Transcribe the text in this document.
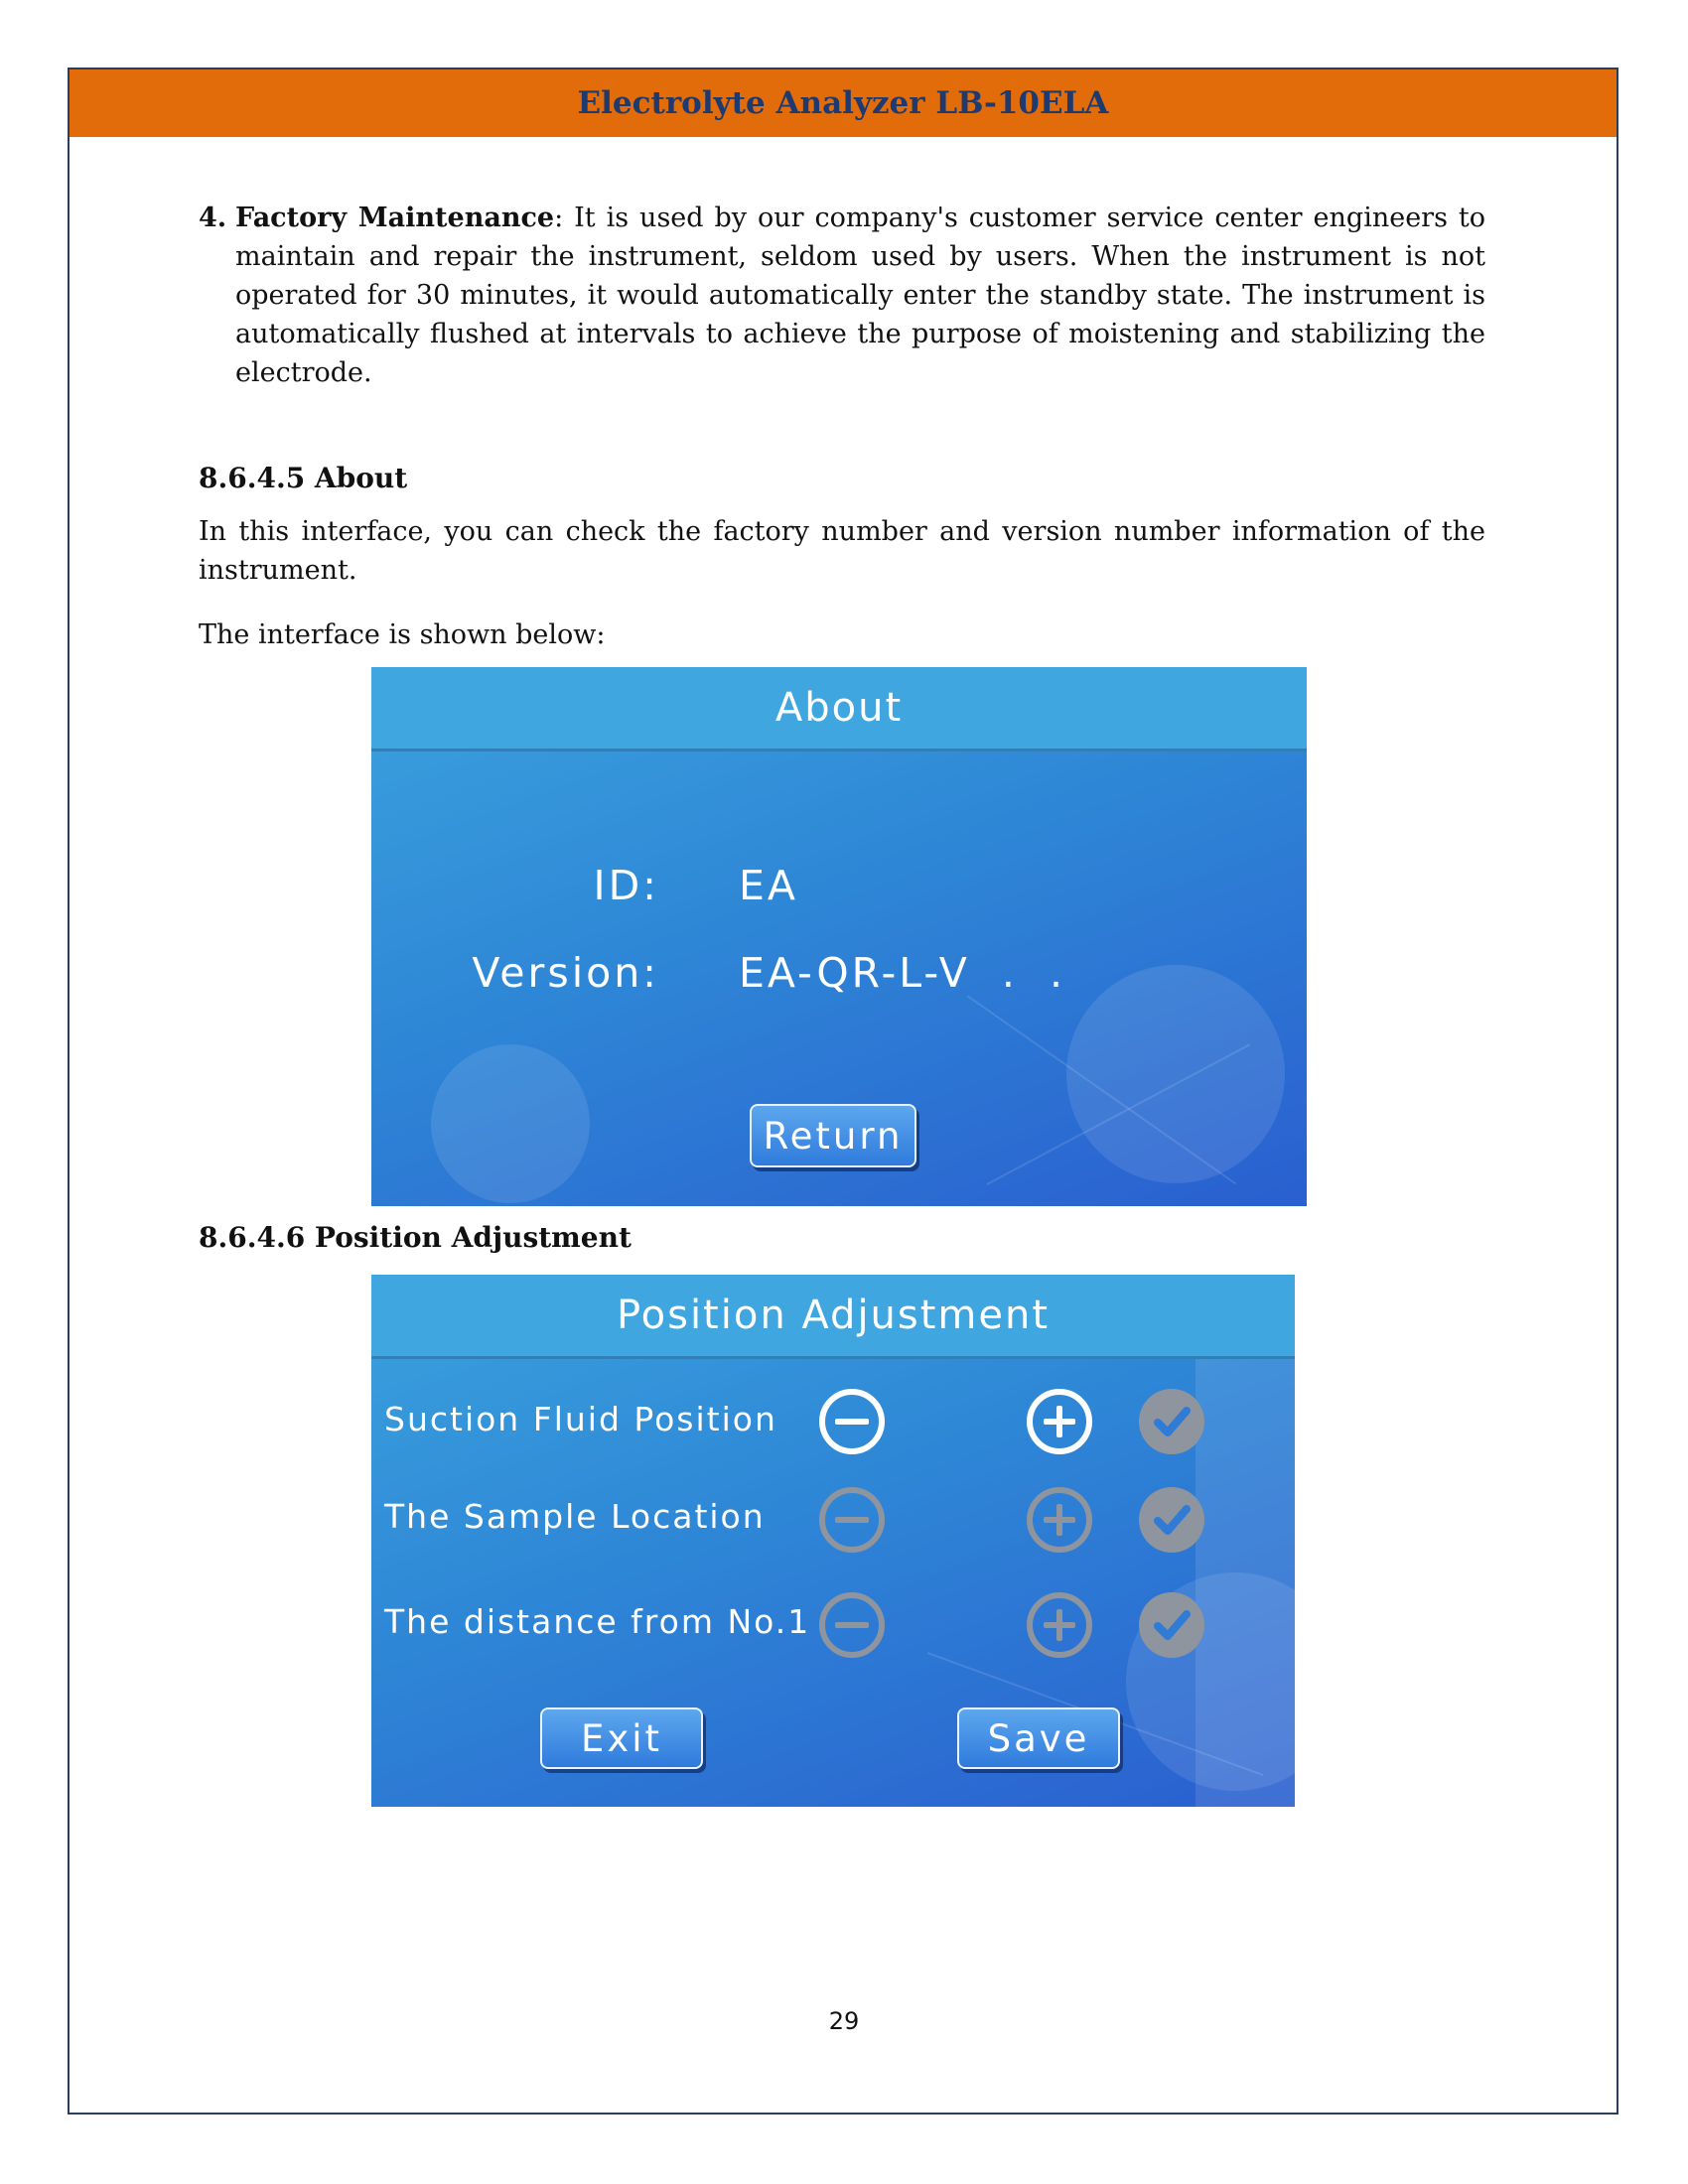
Electrolyte Analyzer LB-10ELA
4. Factory Maintenance: It is used by our company's customer service center engineers to maintain and repair the instrument, seldom used by users. When the instrument is not operated for 30 minutes, it would automatically enter the standby state. The instrument is automatically flushed at intervals to achieve the purpose of moistening and stabilizing the electrode.
8.6.4.5 About
In this interface, you can check the factory number and version number information of the instrument.
The interface is shown below:
About
ID: EA
Version: EA-QR-L-V  .  .
Return
8.6.4.6 Position Adjustment
Position Adjustment
Suction Fluid Position
The Sample Location
The distance from No.1
Exit	Save
29
